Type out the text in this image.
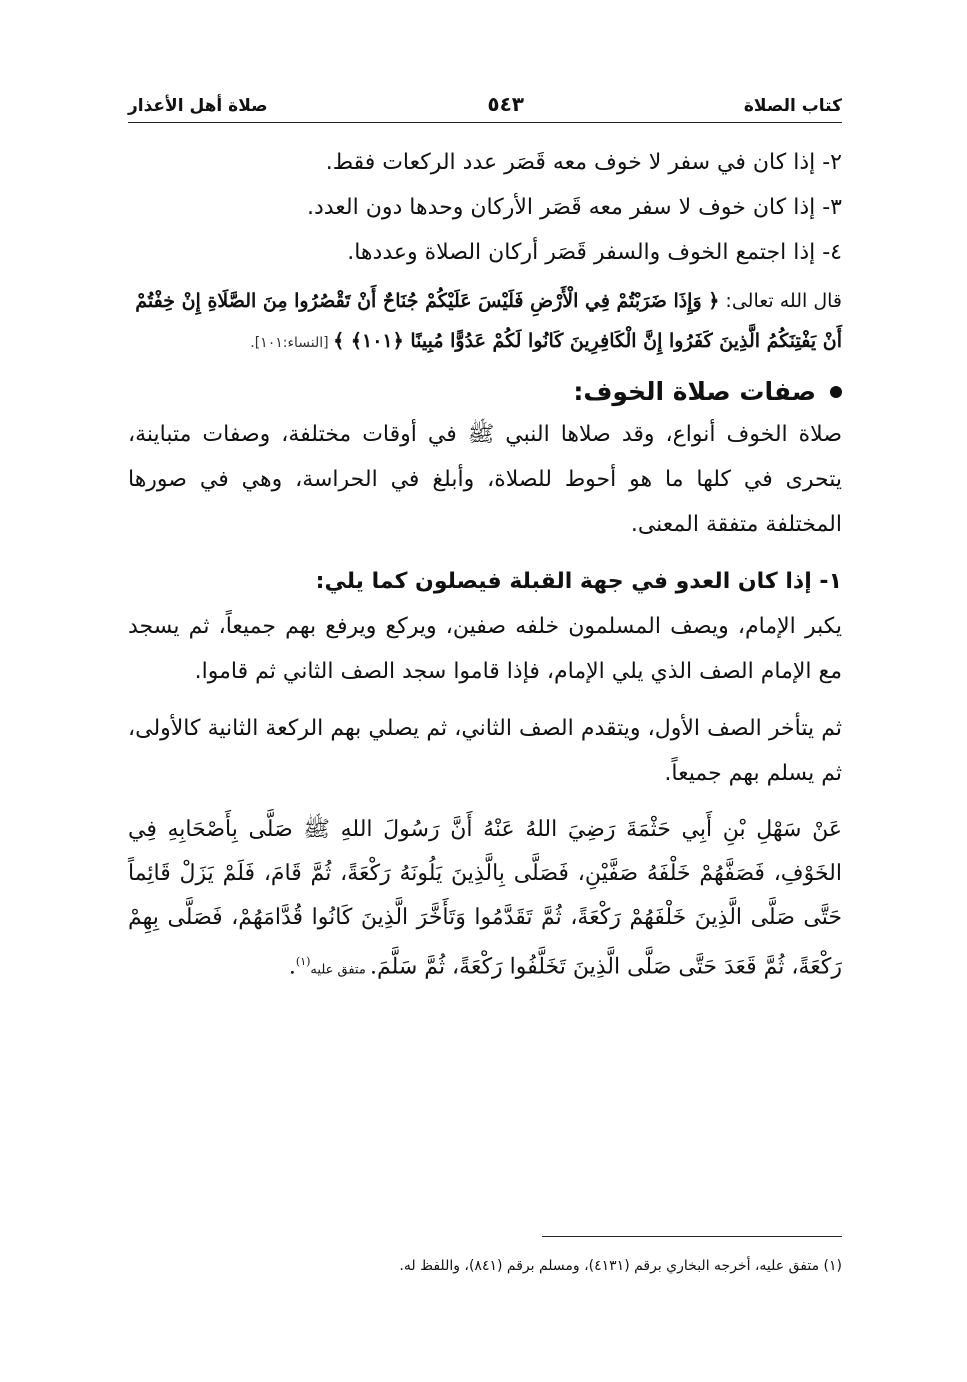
كتاب الصلاة
٥٤٣
صلاة أهل الأعذار
٢- إذا كان في سفر لا خوف معه قَصَر عدد الركعات فقط.
٣- إذا كان خوف لا سفر معه قَصَر الأركان وحدها دون العدد.
٤- إذا اجتمع الخوف والسفر قَصَر أركان الصلاة وعددها.
قال الله تعالى: ﴿ وَإِذَا ضَرَبْتُمْ فِي الْأَرْضِ فَلَيْسَ عَلَيْكُمْ جُنَاحٌ أَنْ تَقْصُرُوا مِنَ الصَّلَاةِ إِنْ خِفْتُمْ أَنْ يَفْتِنَكُمُ الَّذِينَ كَفَرُوا إِنَّ الْكَافِرِينَ كَانُوا لَكُمْ عَدُوًّا مُبِينًا ﴿١٠١﴾ ﴾ [النساء:١٠١].
صفات صلاة الخوف:

صلاة الخوف أنواع، وقد صلاها النبي ﷺ في أوقات مختلفة، وصفات متباينة، يتحرى في كلها ما هو أحوط للصلاة، وأبلغ في الحراسة، وهي في صورها المختلفة متفقة المعنى.

١- إذا كان العدو في جهة القبلة فيصلون كما يلي:

يكبر الإمام، ويصف المسلمون خلفه صفين، ويركع ويرفع بهم جميعاً، ثم يسجد مع الإمام الصف الذي يلي الإمام، فإذا قاموا سجد الصف الثاني ثم قاموا.

ثم يتأخر الصف الأول، ويتقدم الصف الثاني، ثم يصلي بهم الركعة الثانية كالأولى، ثم يسلم بهم جميعاً.

عَنْ سَهْلِ بْنِ أَبِي حَثْمَةَ رَضِيَ اللهُ عَنْهُ أَنَّ رَسُولَ اللهِ ﷺ صَلَّى بِأَصْحَابِهِ فِي الخَوْفِ، فَصَفَّهُمْ خَلْفَهُ صَفَّيْنِ، فَصَلَّى بِالَّذِينَ يَلُونَهُ رَكْعَةً، ثُمَّ قَامَ، فَلَمْ يَزَلْ قَائِماً حَتَّى صَلَّى الَّذِينَ خَلْفَهُمْ رَكْعَةً، ثُمَّ تَقَدَّمُوا وَتَأَخَّرَ الَّذِينَ كَانُوا قُدَّامَهُمْ، فَصَلَّى بِهِمْ رَكْعَةً، ثُمَّ قَعَدَ حَتَّى صَلَّى الَّذِينَ تَخَلَّفُوا رَكْعَةً، ثُمَّ سَلَّمَ. متفق عليه$^{(١)}$.
(١) متفق عليه، أخرجه البخاري برقم (٤١٣١)، ومسلم برقم (٨٤١)، واللفظ له.
